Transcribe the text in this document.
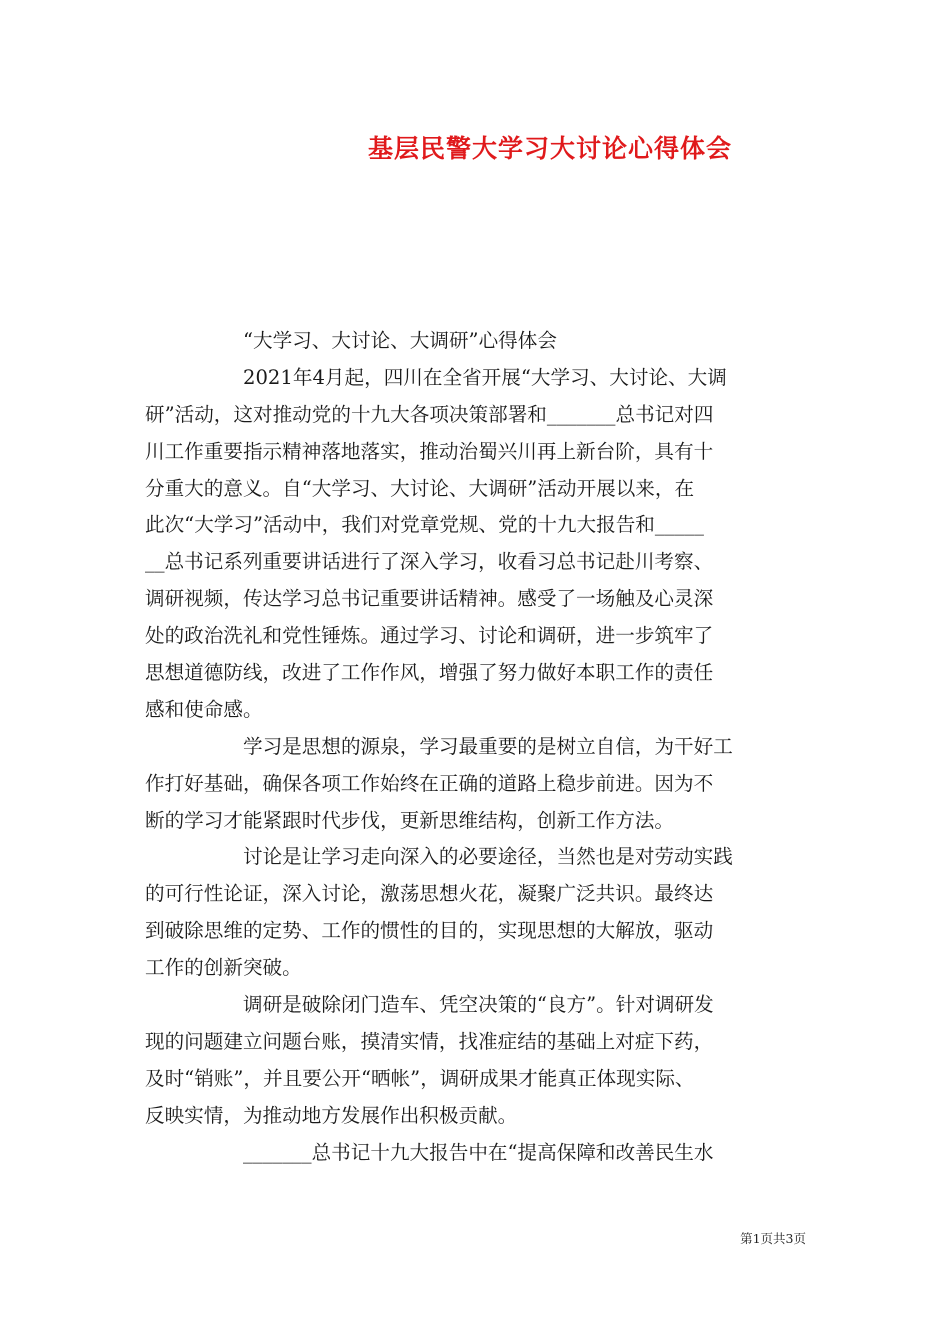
基层民警大学习大讨论心得体会
“大学习、大讨论、大调研”心得体会
2021年4月起，四川在全省开展“大学习、大讨论、大调
研”活动，这对推动党的十九大各项决策部署和_______总书记对四
川工作重要指示精神落地落实，推动治蜀兴川再上新台阶，具有十
分重大的意义。自“大学习、大讨论、大调研”活动开展以来，在
此次“大学习”活动中，我们对党章党规、党的十九大报告和_____
__总书记系列重要讲话进行了深入学习，收看习总书记赴川考察、
调研视频，传达学习总书记重要讲话精神。感受了一场触及心灵深
处的政治洗礼和党性锤炼。通过学习、讨论和调研，进一步筑牢了
思想道德防线，改进了工作作风，增强了努力做好本职工作的责任
感和使命感。
学习是思想的源泉，学习最重要的是树立自信，为干好工
作打好基础，确保各项工作始终在正确的道路上稳步前进。因为不
断的学习才能紧跟时代步伐，更新思维结构，创新工作方法。
讨论是让学习走向深入的必要途径，当然也是对劳动实践
的可行性论证，深入讨论，激荡思想火花，凝聚广泛共识。最终达
到破除思维的定势、工作的惯性的目的，实现思想的大解放，驱动
工作的创新突破。
调研是破除闭门造车、凭空决策的“良方”。针对调研发
现的问题建立问题台账，摸清实情，找准症结的基础上对症下药，
及时“销账”，并且要公开“晒帐”，调研成果才能真正体现实际、
反映实情，为推动地方发展作出积极贡献。
_______总书记十九大报告中在“提高保障和改善民生水
第1页共3页
